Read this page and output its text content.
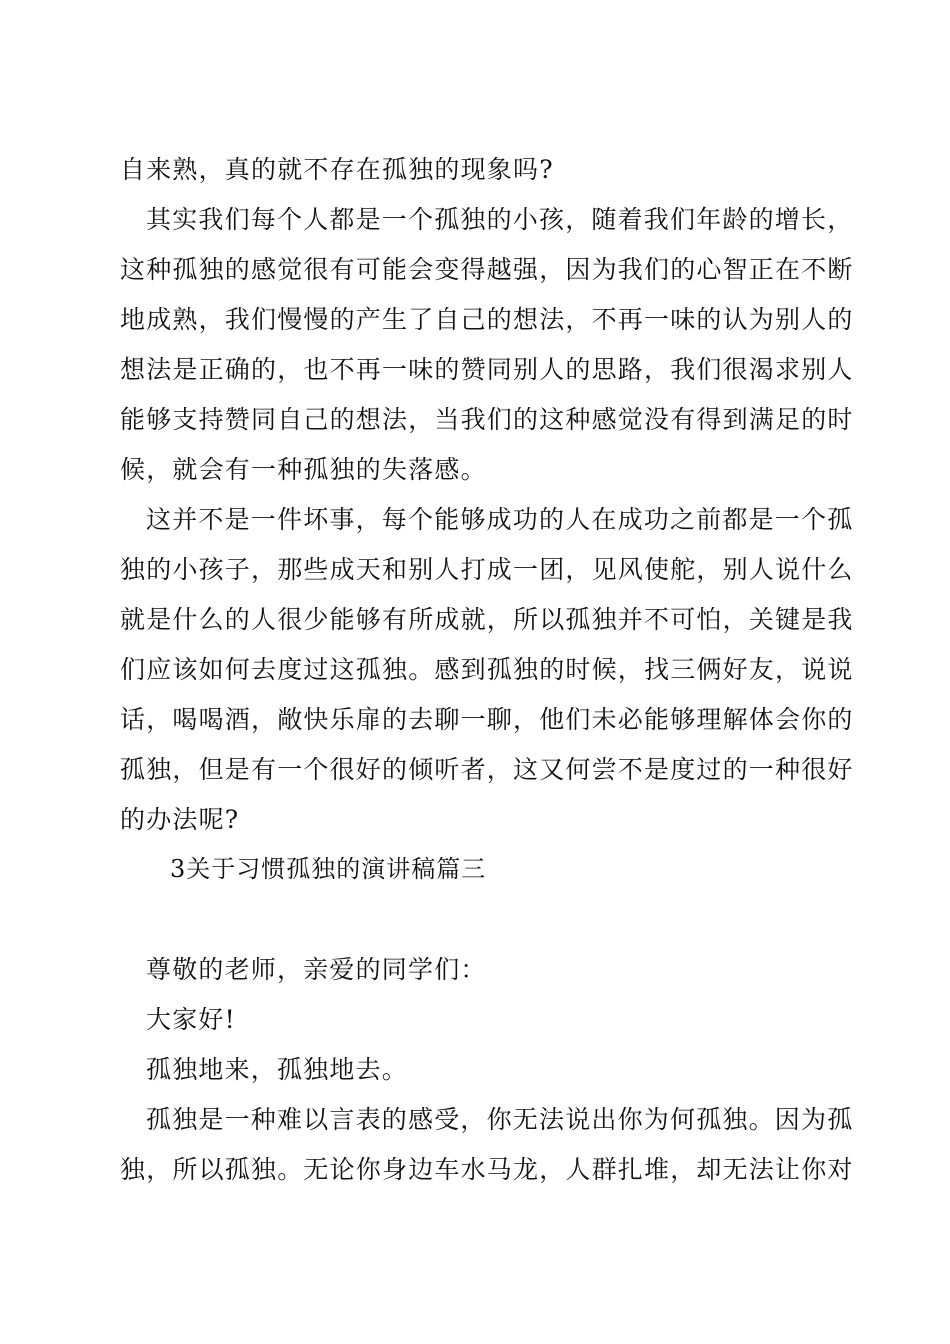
自来熟，真的就不存在孤独的现象吗?
其实我们每个人都是一个孤独的小孩，随着我们年龄的增长，
这种孤独的感觉很有可能会变得越强，因为我们的心智正在不断
地成熟，我们慢慢的产生了自己的想法，不再一味的认为别人的
想法是正确的，也不再一味的赞同别人的思路，我们很渴求别人
能够支持赞同自己的想法，当我们的这种感觉没有得到满足的时
候，就会有一种孤独的失落感。
这并不是一件坏事，每个能够成功的人在成功之前都是一个孤
独的小孩子，那些成天和别人打成一团，见风使舵，别人说什么
就是什么的人很少能够有所成就，所以孤独并不可怕，关键是我
们应该如何去度过这孤独。感到孤独的时候，找三俩好友，说说
话，喝喝酒，敞快乐扉的去聊一聊，他们未必能够理解体会你的
孤独，但是有一个很好的倾听者，这又何尝不是度过的一种很好
的办法呢?
3关于习惯孤独的演讲稿篇三
尊敬的老师，亲爱的同学们：
大家好!
孤独地来，孤独地去。
孤独是一种难以言表的感受，你无法说出你为何孤独。因为孤
独，所以孤独。无论你身边车水马龙，人群扎堆，却无法让你对
